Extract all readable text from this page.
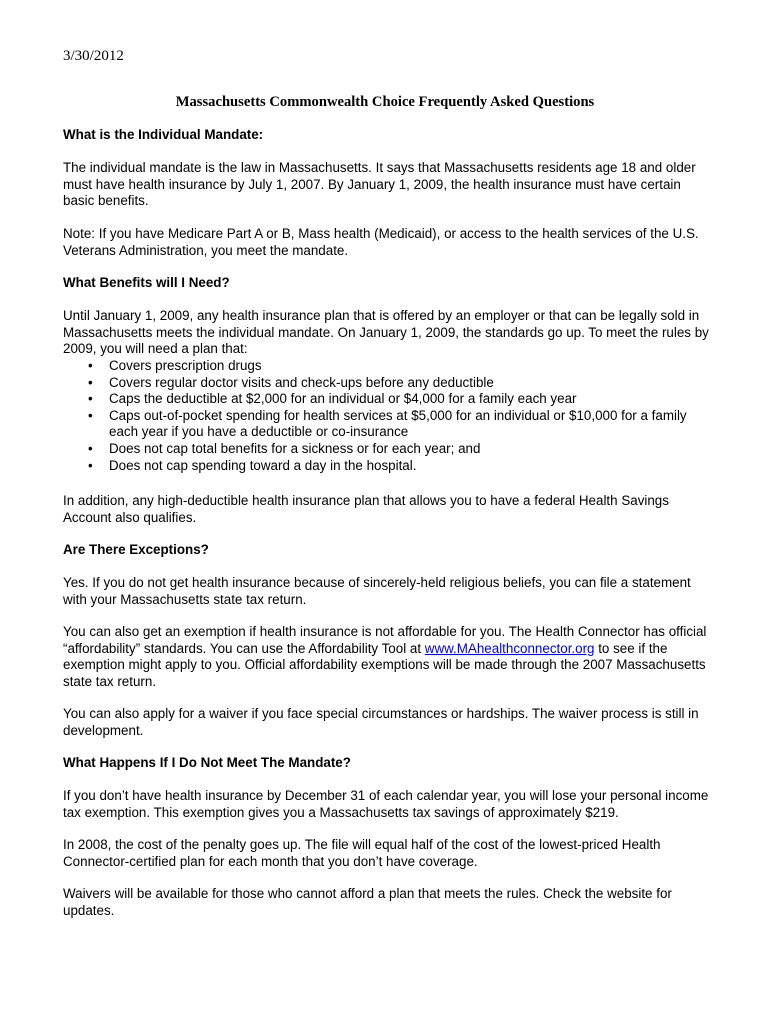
3/30/2012
Massachusetts Commonwealth Choice Frequently Asked Questions

What is the Individual Mandate:

The individual mandate is the law in Massachusetts. It says that Massachusetts residents age 18 and older must have health insurance by July 1, 2007. By January 1, 2009, the health insurance must have certain basic benefits.

Note: If you have Medicare Part A or B, Mass health (Medicaid), or access to the health services of the U.S. Veterans Administration, you meet the mandate.

What Benefits will I Need?

Until January 1, 2009, any health insurance plan that is offered by an employer or that can be legally sold in Massachusetts meets the individual mandate. On January 1, 2009, the standards go up. To meet the rules by 2009, you will need a plan that:

• Covers prescription drugs
• Covers regular doctor visits and check-ups before any deductible
• Caps the deductible at $2,000 for an individual or $4,000 for a family each year
• Caps out-of-pocket spending for health services at $5,000 for an individual or $10,000 for a family each year if you have a deductible or co-insurance
• Does not cap total benefits for a sickness or for each year; and
• Does not cap spending toward a day in the hospital.

In addition, any high-deductible health insurance plan that allows you to have a federal Health Savings Account also qualifies.

Are There Exceptions?

Yes. If you do not get health insurance because of sincerely-held religious beliefs, you can file a statement with your Massachusetts state tax return.

You can also get an exemption if health insurance is not affordable for you. The Health Connector has official “affordability” standards. You can use the Affordability Tool at www.MAhealthconnector.org to see if the exemption might apply to you. Official affordability exemptions will be made through the 2007 Massachusetts state tax return.

You can also apply for a waiver if you face special circumstances or hardships. The waiver process is still in development.

What Happens If I Do Not Meet The Mandate?

If you don’t have health insurance by December 31 of each calendar year, you will lose your personal income tax exemption. This exemption gives you a Massachusetts tax savings of approximately $219.

In 2008, the cost of the penalty goes up. The file will equal half of the cost of the lowest-priced Health Connector-certified plan for each month that you don’t have coverage.

Waivers will be available for those who cannot afford a plan that meets the rules. Check the website for updates.
